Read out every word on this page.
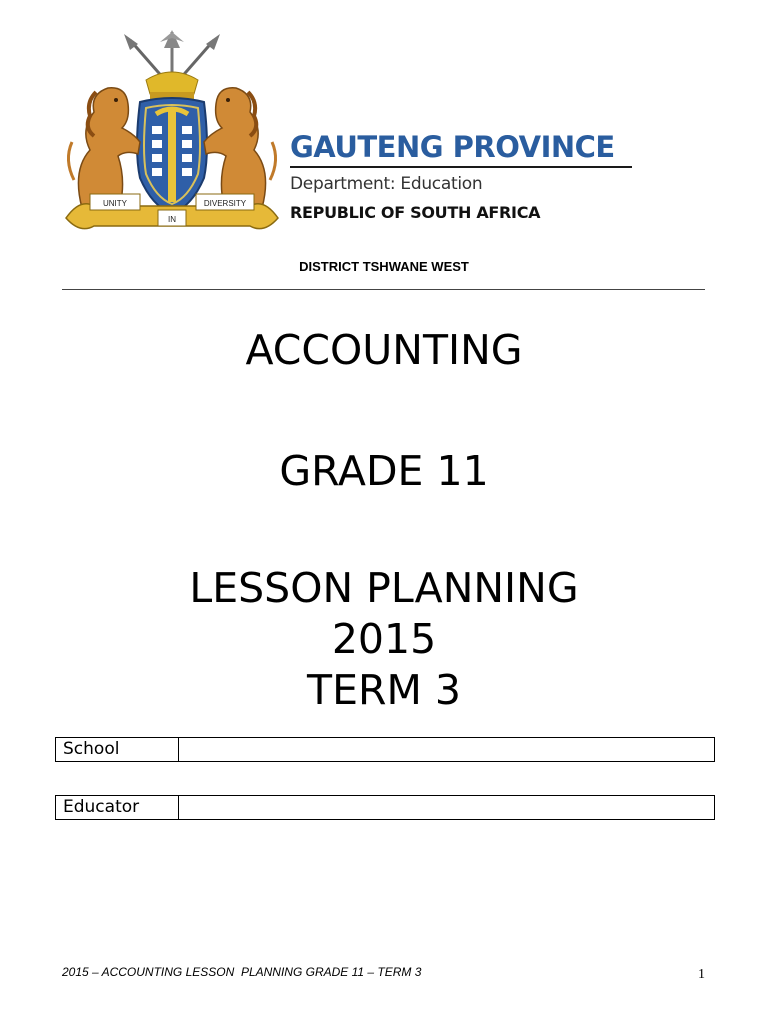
UNITY
IN
DIVERSITY
GAUTENG PROVINCE
Department: Education
REPUBLIC OF SOUTH AFRICA
DISTRICT TSHWANE WEST
ACCOUNTING
GRADE 11
LESSON PLANNING
2015
TERM 3
School
Educator
2015 – ACCOUNTING LESSON  PLANNING GRADE 11 – TERM 3	1
